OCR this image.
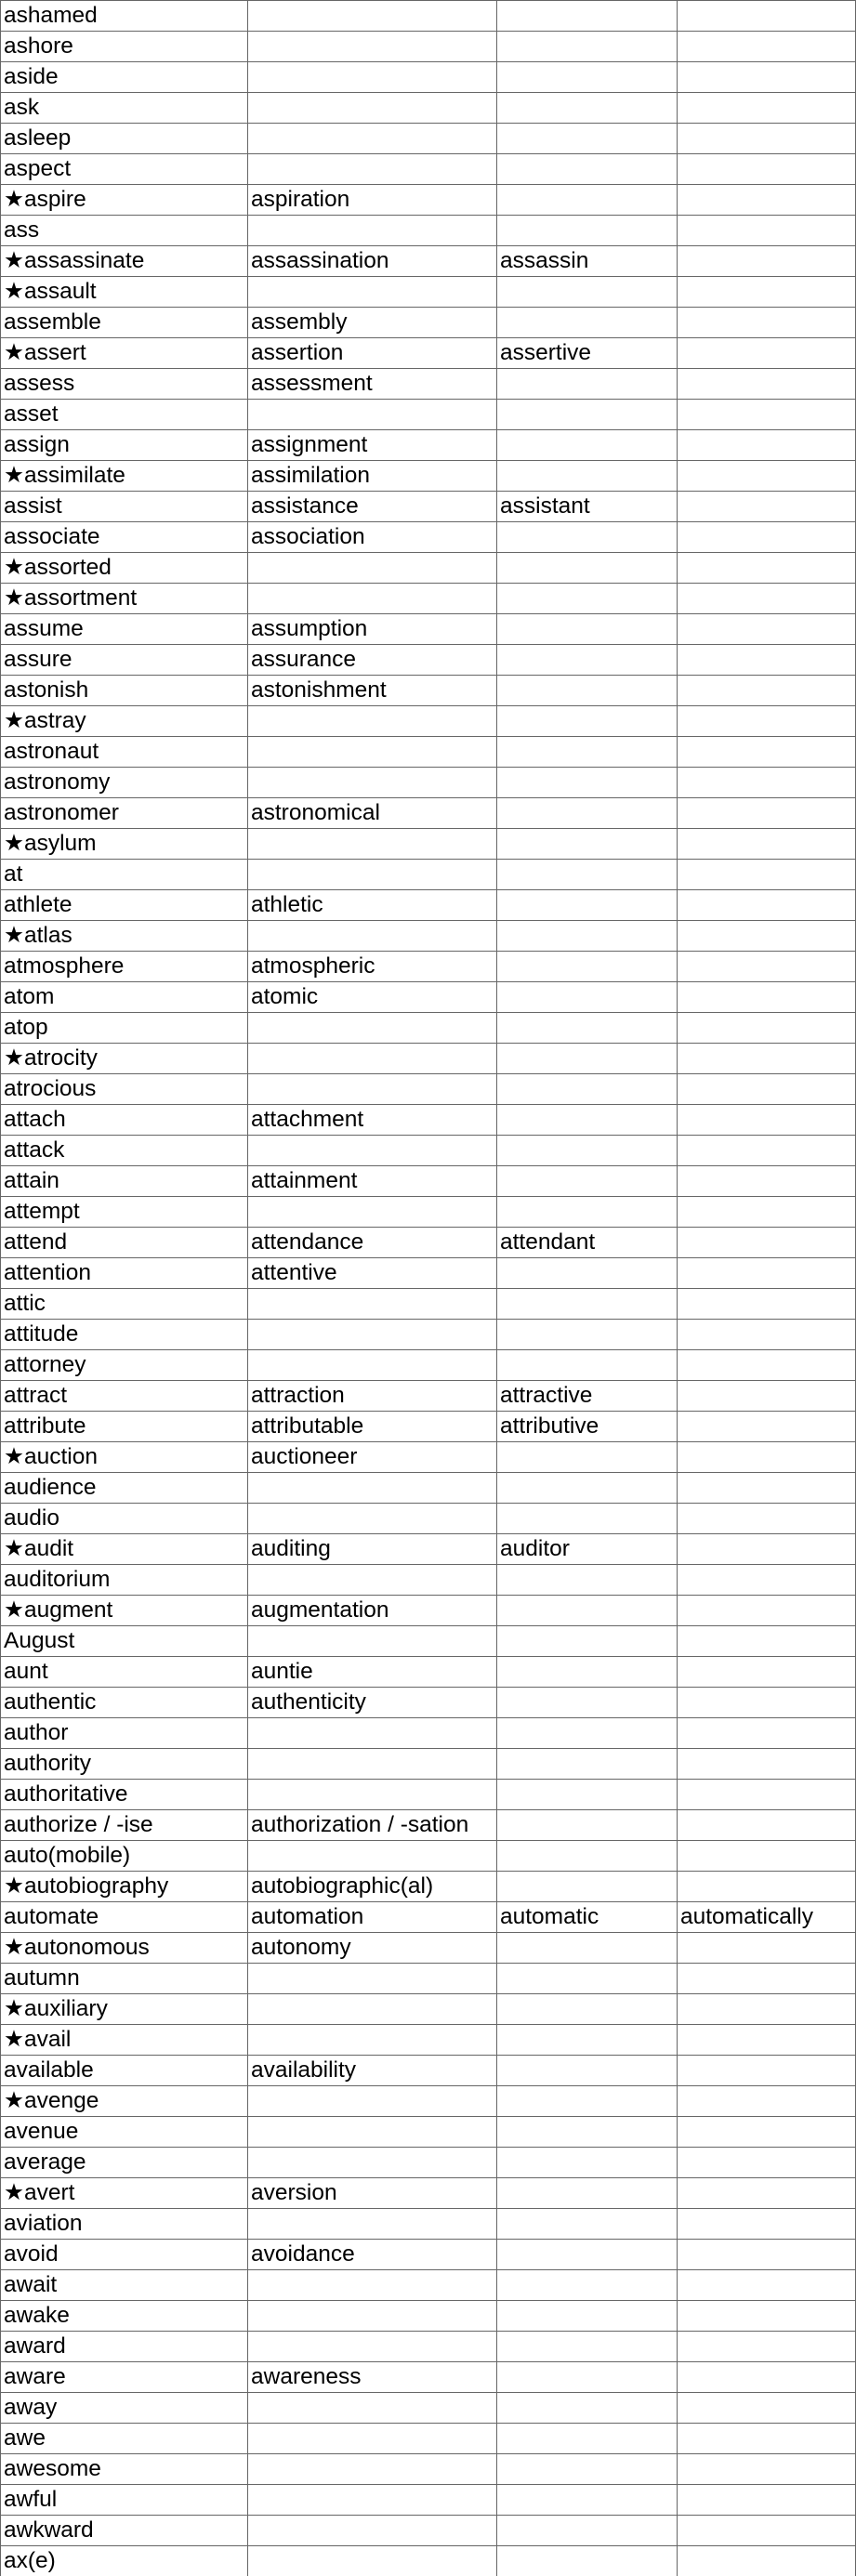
ashamed
ashore
aside
ask
asleep
aspect
★aspire	aspiration
ass
★assassinate	assassination	assassin
★assault
assemble	assembly
★assert	assertion	assertive
assess	assessment
asset
assign	assignment
★assimilate	assimilation
assist	assistance	assistant
associate	association
★assorted
★assortment
assume	assumption
assure	assurance
astonish	astonishment
★astray
astronaut
astronomy
astronomer	astronomical
★asylum
at
athlete	athletic
★atlas
atmosphere	atmospheric
atom	atomic
atop
★atrocity
atrocious
attach	attachment
attack
attain	attainment
attempt
attend	attendance	attendant
attention	attentive
attic
attitude
attorney
attract	attraction	attractive
attribute	attributable	attributive
★auction	auctioneer
audience
audio
★audit	auditing	auditor
auditorium
★augment	augmentation
August
aunt	auntie
authentic	authenticity
author
authority
authoritative
authorize / -ise	authorization / -sation
auto(mobile)
★autobiography	autobiographic(al)
automate	automation	automatic	automatically
★autonomous	autonomy
autumn
★auxiliary
★avail
available	availability
★avenge
avenue
average
★avert	aversion
aviation
avoid	avoidance
await
awake
award
aware	awareness
away
awe
awesome
awful
awkward
ax(e)
